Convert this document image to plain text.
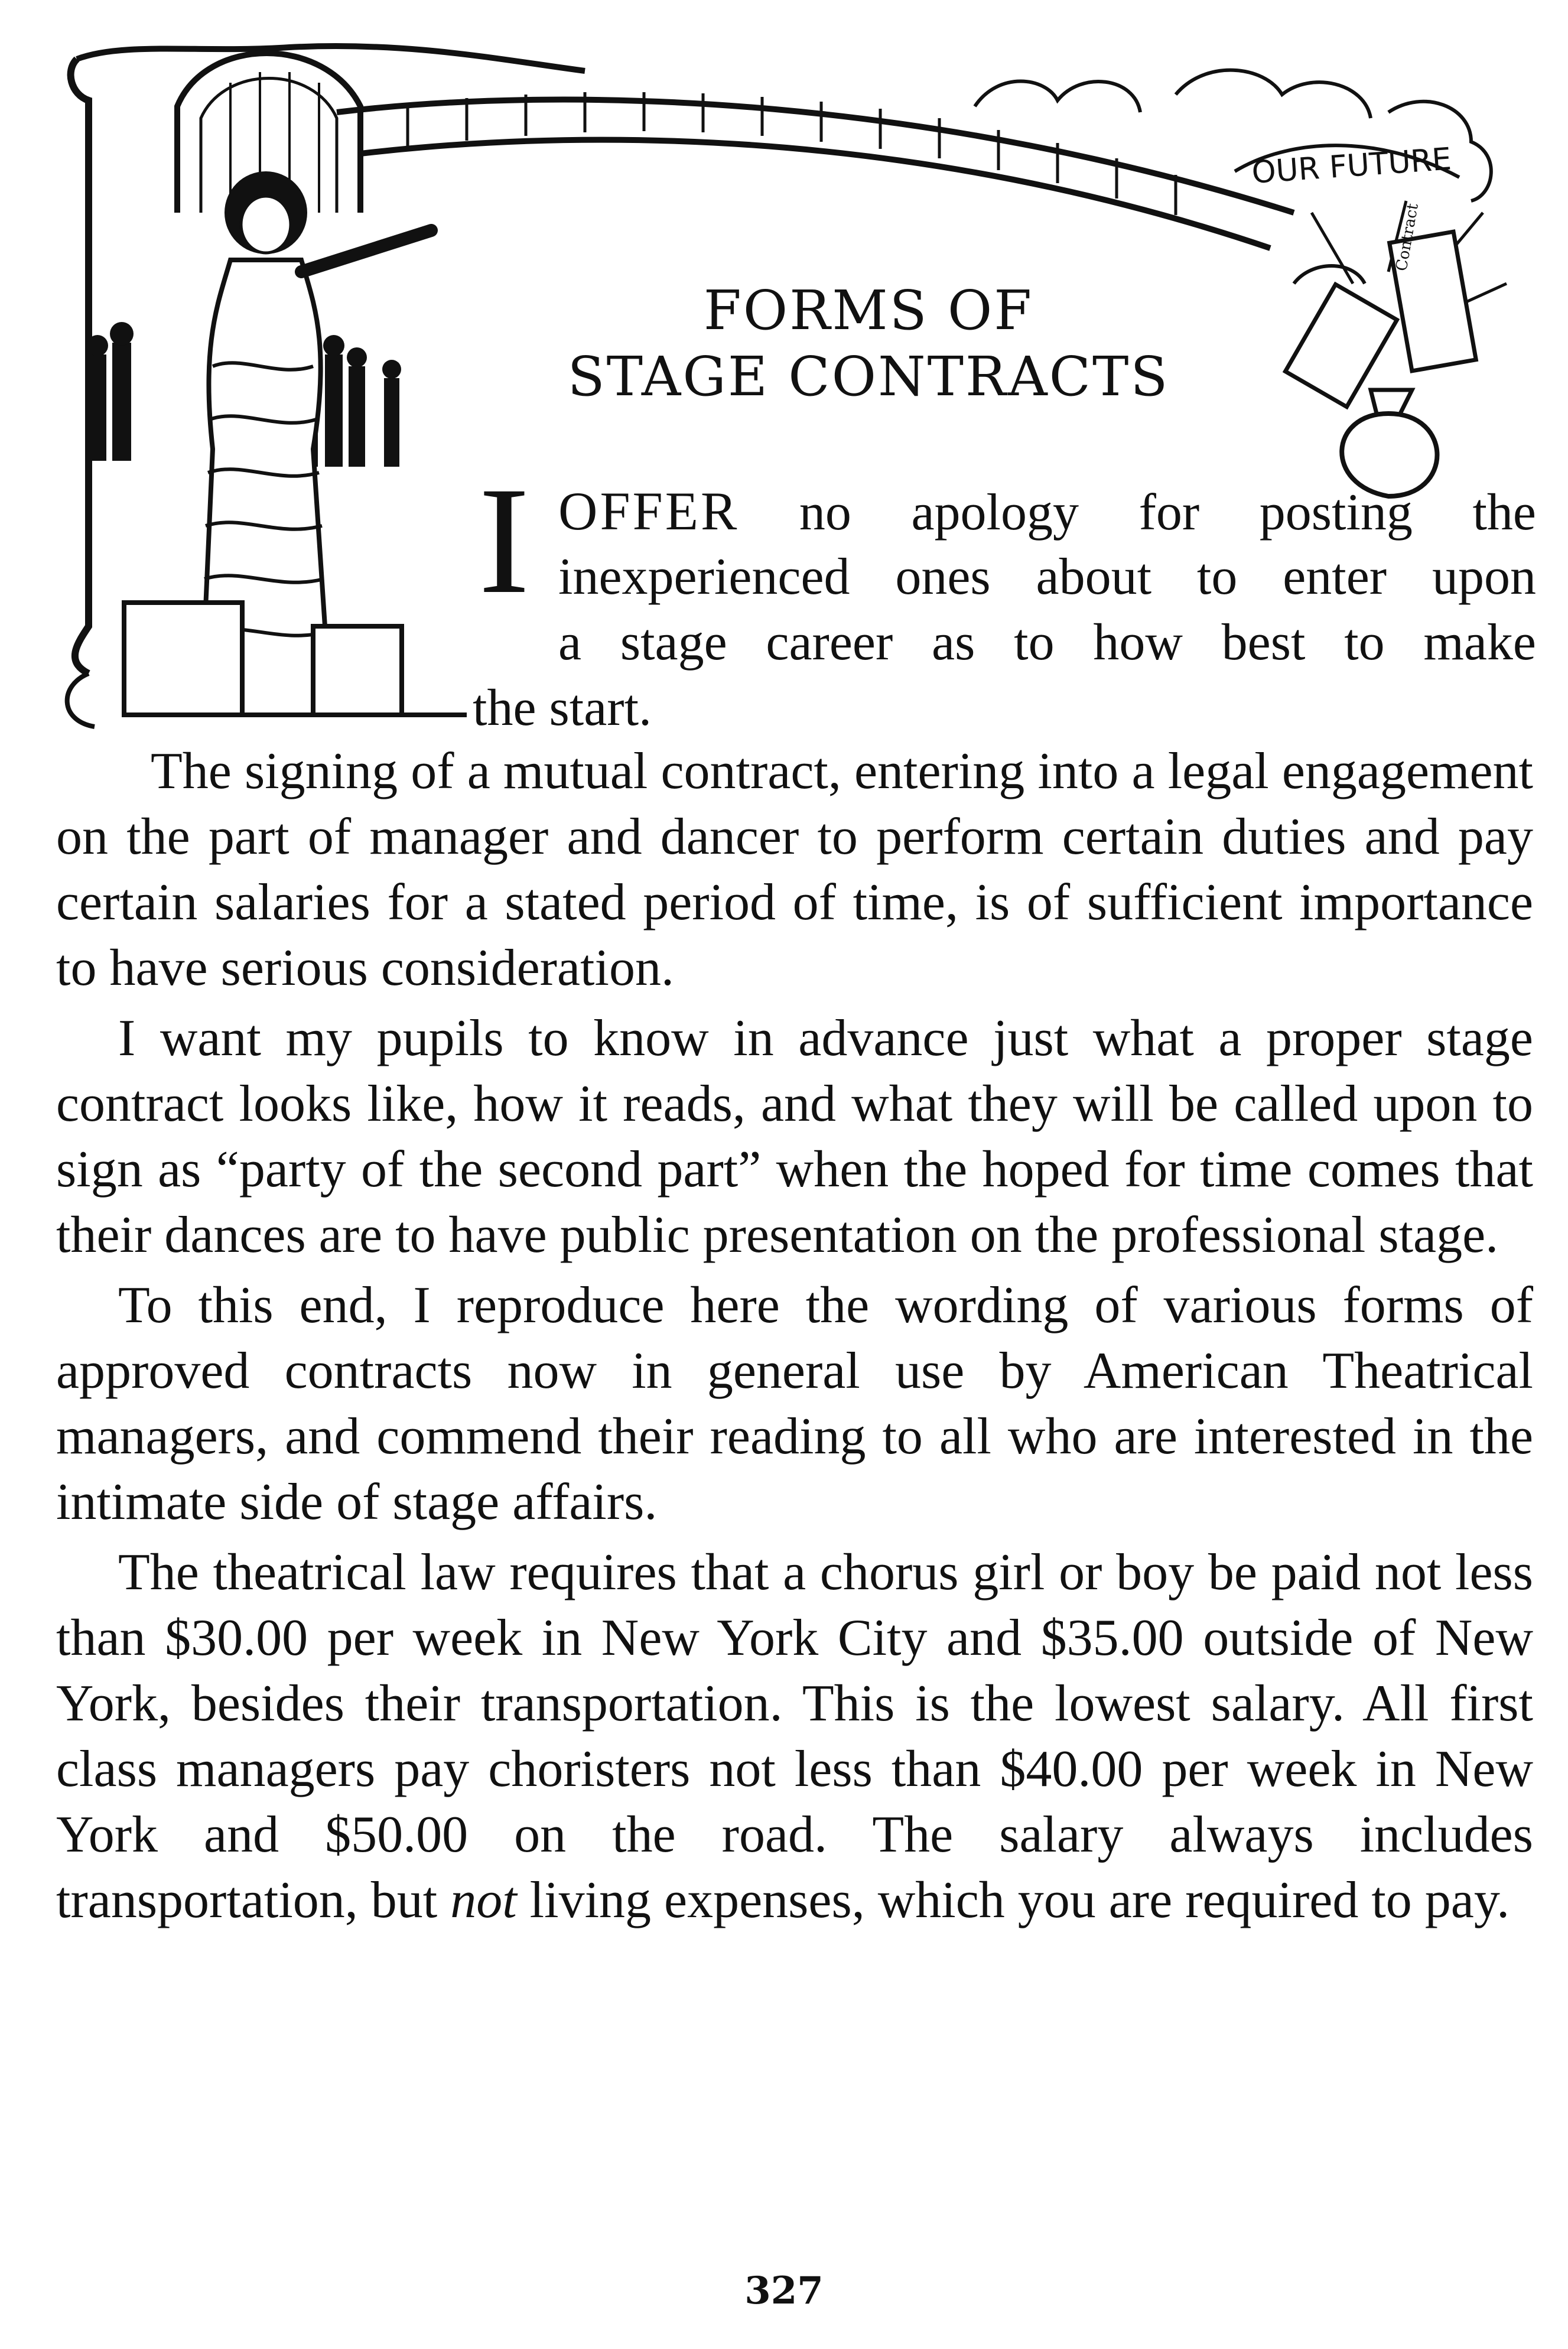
OUR FUTURE
Contract
FORMS OF
STAGE CONTRACTS
I OFFER no apology for posting the
inexperienced ones about to enter upon
a stage career as to how best to make
the start.

The signing of a mutual contract, entering into a legal engagement on the part of manager and dancer to perform certain duties and pay certain salaries for a stated period of time, is of sufficient importance to have serious consideration.

I want my pupils to know in advance just what a proper stage contract looks like, how it reads, and what they will be called upon to sign as “party of the second part” when the hoped for time comes that their dances are to have public presentation on the professional stage.

To this end, I reproduce here the wording of various forms of approved contracts now in general use by American Theatrical managers, and commend their reading to all who are interested in the intimate side of stage affairs.

The theatrical law requires that a chorus girl or boy be paid not less than $30.00 per week in New York City and $35.00 outside of New York, besides their transportation. This is the lowest salary. All first class managers pay choristers not less than $40.00 per week in New York and $50.00 on the road. The salary always includes transportation, but not living expenses, which you are required to pay.

327
